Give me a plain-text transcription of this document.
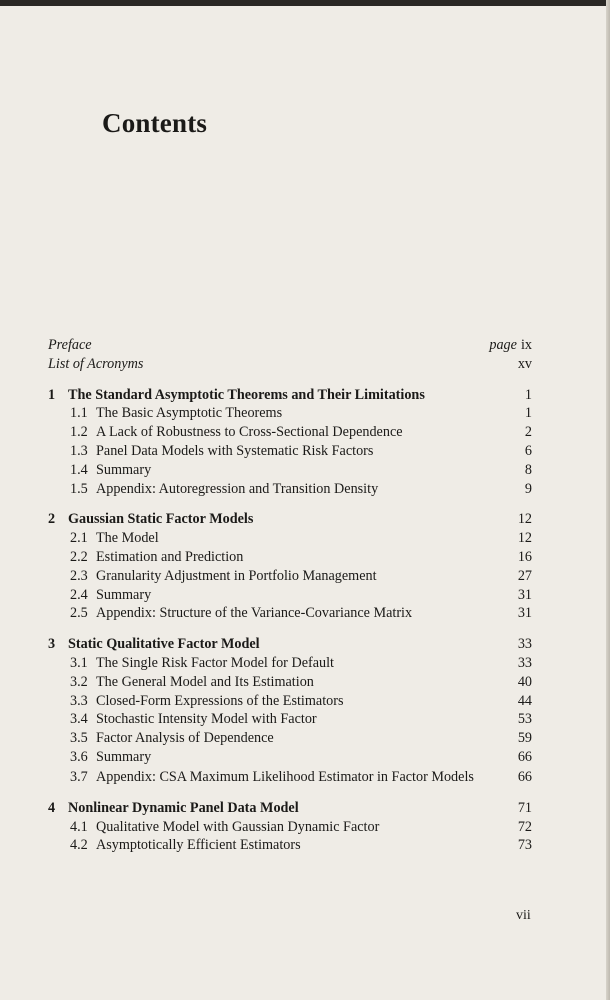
Contents
Preface	page ix
List of Acronyms	xv
1 The Standard Asymptotic Theorems and Their Limitations	1
1.1 The Basic Asymptotic Theorems	1
1.2 A Lack of Robustness to Cross-Sectional Dependence	2
1.3 Panel Data Models with Systematic Risk Factors	6
1.4 Summary	8
1.5 Appendix: Autoregression and Transition Density	9
2 Gaussian Static Factor Models	12
2.1 The Model	12
2.2 Estimation and Prediction	16
2.3 Granularity Adjustment in Portfolio Management	27
2.4 Summary	31
2.5 Appendix: Structure of the Variance-Covariance Matrix	31
3 Static Qualitative Factor Model	33
3.1 The Single Risk Factor Model for Default	33
3.2 The General Model and Its Estimation	40
3.3 Closed-Form Expressions of the Estimators	44
3.4 Stochastic Intensity Model with Factor	53
3.5 Factor Analysis of Dependence	59
3.6 Summary	66
3.7 Appendix: CSA Maximum Likelihood Estimator in Factor Models	66
4 Nonlinear Dynamic Panel Data Model	71
4.1 Qualitative Model with Gaussian Dynamic Factor	72
4.2 Asymptotically Efficient Estimators	73
vii
